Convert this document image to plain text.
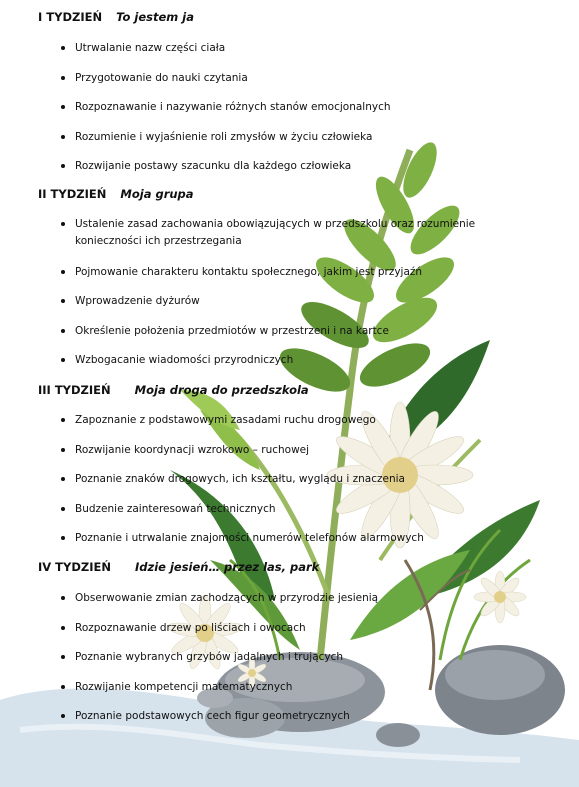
I TYDZIEŃ To jestem ja
Utrwalanie nazw części ciała
Przygotowanie do nauki czytania
Rozpoznawanie i nazywanie różnych stanów emocjonalnych
Rozumienie i wyjaśnienie roli zmysłów w życiu człowieka
Rozwijanie postawy szacunku dla każdego człowieka
II TYDZIEŃ Moja grupa
Ustalenie zasad zachowania obowiązujących w przedszkolu oraz rozumienie konieczności ich przestrzegania
Pojmowanie charakteru kontaktu społecznego, jakim jest przyjaźń
Wprowadzenie dyżurów
Określenie położenia przedmiotów w przestrzeni i na kartce
Wzbogacanie wiadomości przyrodniczych
III TYDZIEŃ Moja droga do przedszkola
Zapoznanie z podstawowymi zasadami ruchu drogowego
Rozwijanie koordynacji wzrokowo – ruchowej
Poznanie znaków drogowych, ich kształtu, wyglądu i znaczenia
Budzenie zainteresowań technicznych
Poznanie i utrwalanie znajomości numerów telefonów alarmowych
IV TYDZIEŃ Idzie jesień… przez las, park
Obserwowanie zmian zachodzących w przyrodzie jesienią
Rozpoznawanie drzew po liściach i owocach
Poznanie wybranych grzybów jadalnych i trujących
Rozwijanie kompetencji matematycznych
Poznanie podstawowych cech figur geometrycznych
